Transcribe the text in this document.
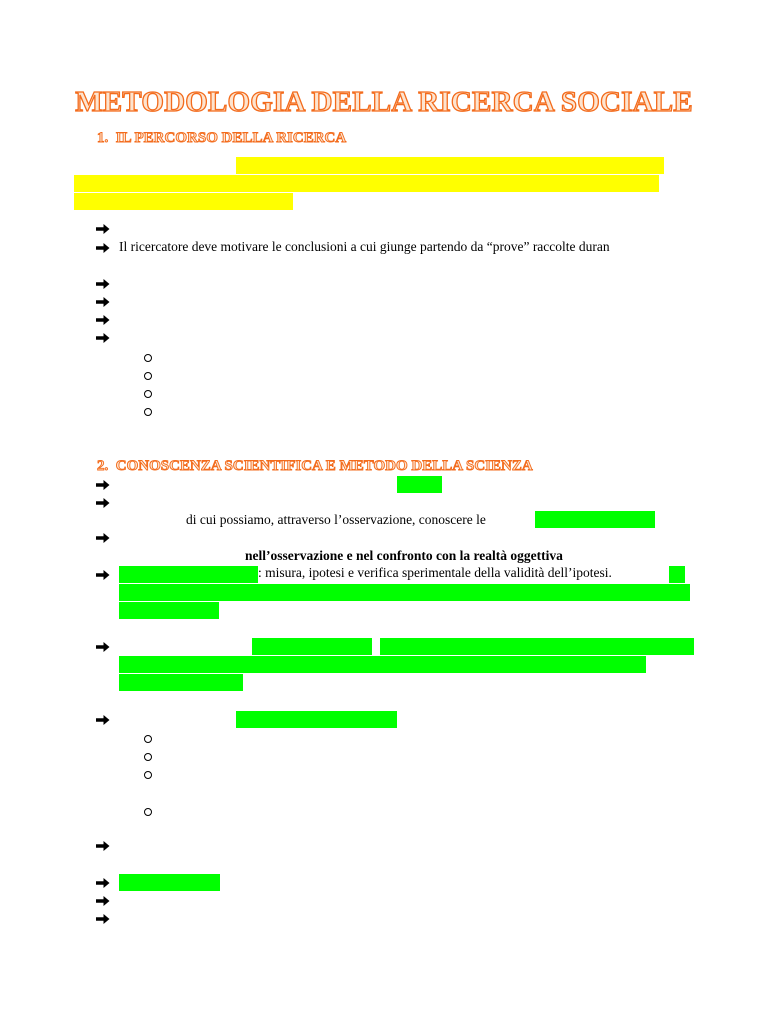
METODOLOGIA DELLA RICERCA SOCIALE
1. IL PERCORSO DELLA RICERCA
Il ricercatore deve motivare le conclusioni a cui giunge partendo da “prove” raccolte duran
2. CONOSCENZA SCIENTIFICA E METODO DELLA SCIENZA
di cui possiamo, attraverso l’osservazione, conoscere le
nell’osservazione e nel confronto con la realtà oggettiva
: misura, ipotesi e verifica sperimentale della validità dell’ipotesi.
